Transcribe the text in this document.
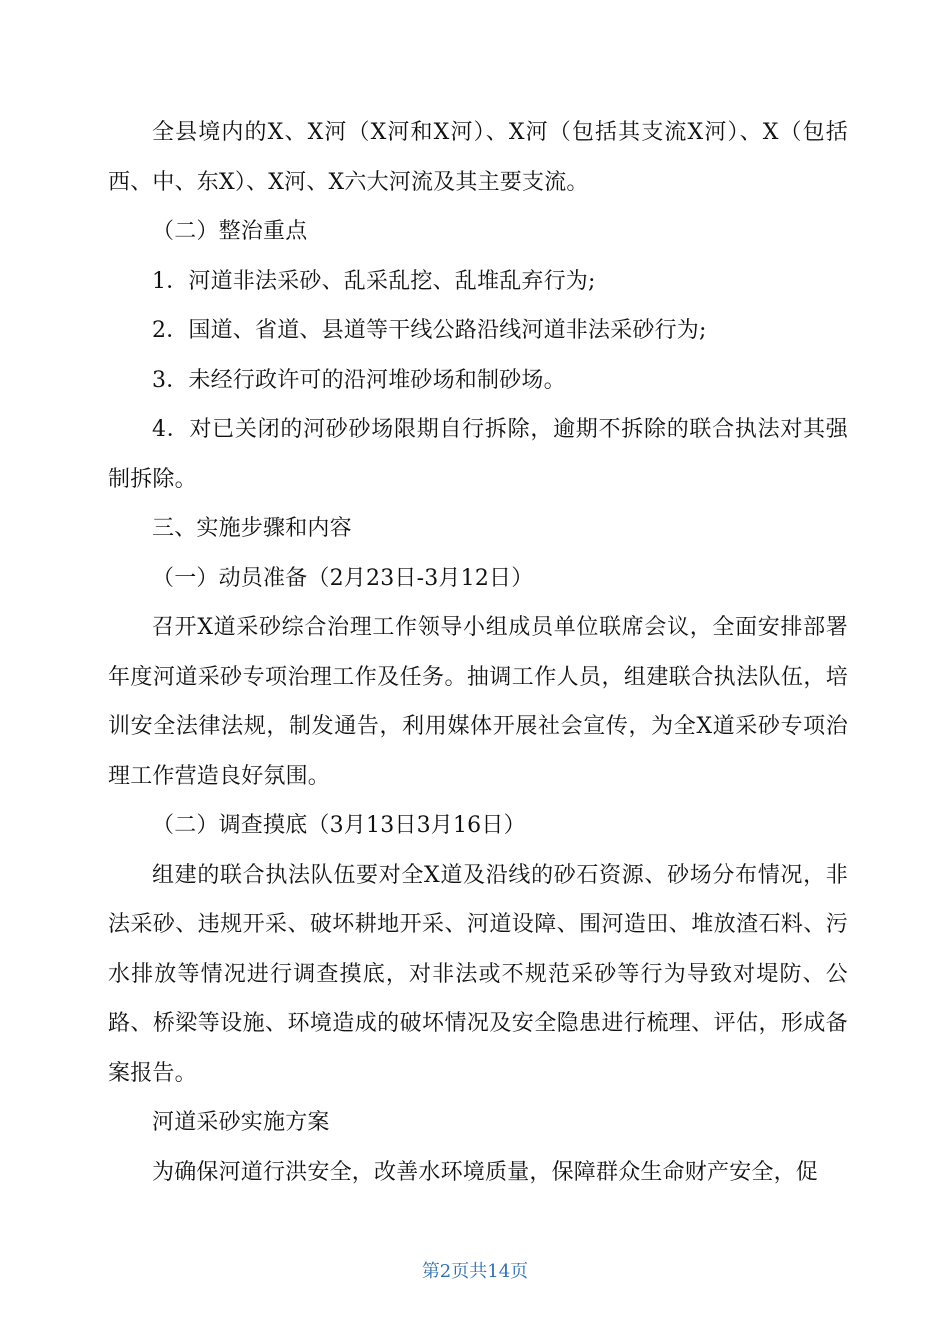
全县境内的X、X河（X河和X河）、X河（包括其支流X河）、X（包括西、中、东X）、X河、X六大河流及其主要支流。

（二）整治重点

1．河道非法采砂、乱采乱挖、乱堆乱弃行为;

2．国道、省道、县道等干线公路沿线河道非法采砂行为;

3．未经行政许可的沿河堆砂场和制砂场。

4．对已关闭的河砂砂场限期自行拆除，逾期不拆除的联合执法对其强制拆除。

三、实施步骤和内容

（一）动员准备（2月23日-3月12日）

召开X道采砂综合治理工作领导小组成员单位联席会议，全面安排部署年度河道采砂专项治理工作及任务。抽调工作人员，组建联合执法队伍，培训安全法律法规，制发通告，利用媒体开展社会宣传，为全X道采砂专项治理工作营造良好氛围。

（二）调查摸底（3月13日3月16日）

组建的联合执法队伍要对全X道及沿线的砂石资源、砂场分布情况，非法采砂、违规开采、破坏耕地开采、河道设障、围河造田、堆放渣石料、污水排放等情况进行调查摸底，对非法或不规范采砂等行为导致对堤防、公路、桥梁等设施、环境造成的破坏情况及安全隐患进行梳理、评估，形成备案报告。

河道采砂实施方案

为确保河道行洪安全，改善水环境质量，保障群众生命财产安全，促

第2页共14页
